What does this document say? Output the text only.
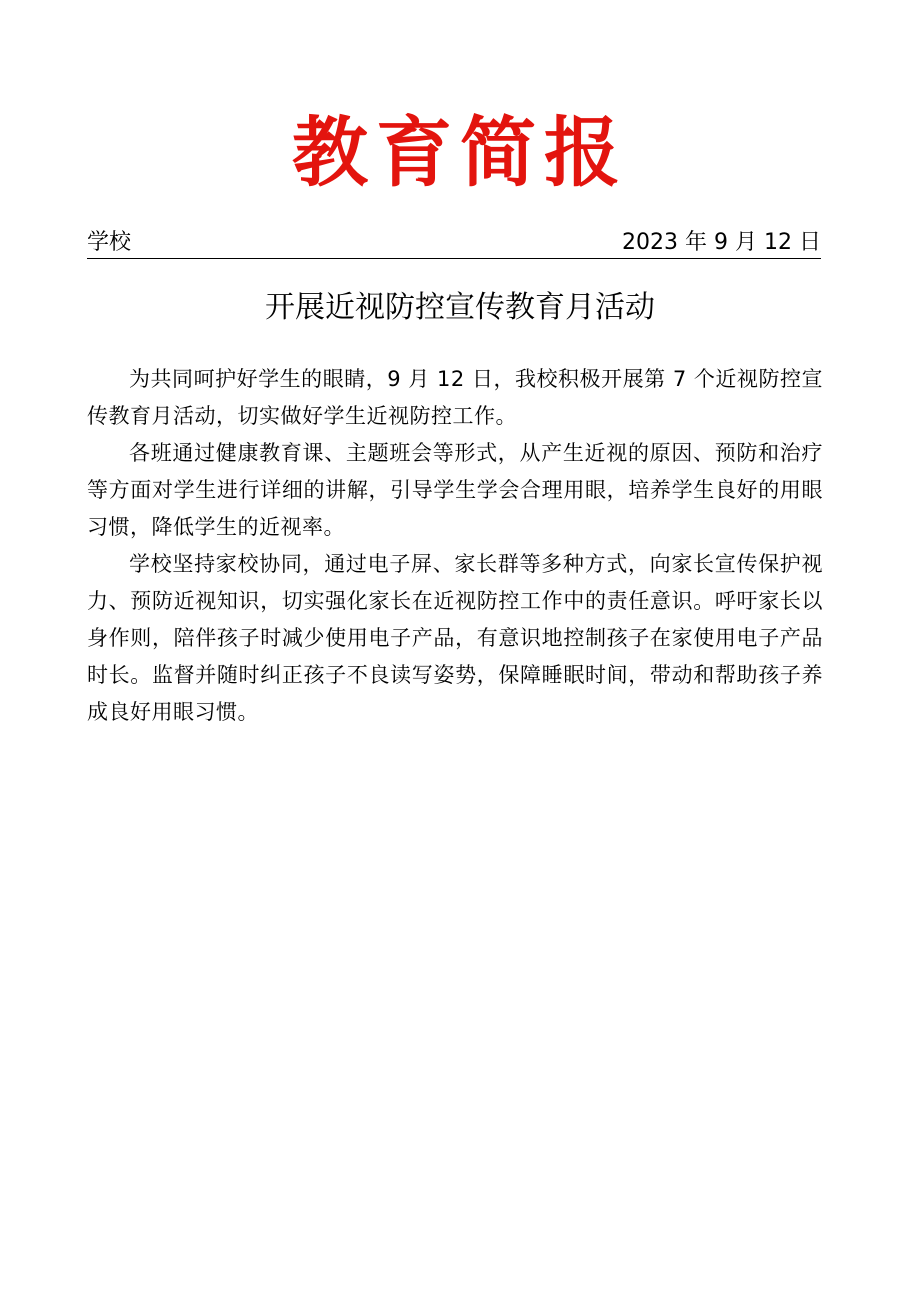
教育简报
学校	2023 年 9 月 12 日
开展近视防控宣传教育月活动

为共同呵护好学生的眼睛，9 月 12 日，我校积极开展第 7 个近视防控宣传教育月活动，切实做好学生近视防控工作。

各班通过健康教育课、主题班会等形式，从产生近视的原因、预防和治疗等方面对学生进行详细的讲解，引导学生学会合理用眼，培养学生良好的用眼习惯，降低学生的近视率。

学校坚持家校协同，通过电子屏、家长群等多种方式，向家长宣传保护视力、预防近视知识，切实强化家长在近视防控工作中的责任意识。呼吁家长以身作则，陪伴孩子时减少使用电子产品，有意识地控制孩子在家使用电子产品时长。监督并随时纠正孩子不良读写姿势，保障睡眠时间，带动和帮助孩子养成良好用眼习惯。
